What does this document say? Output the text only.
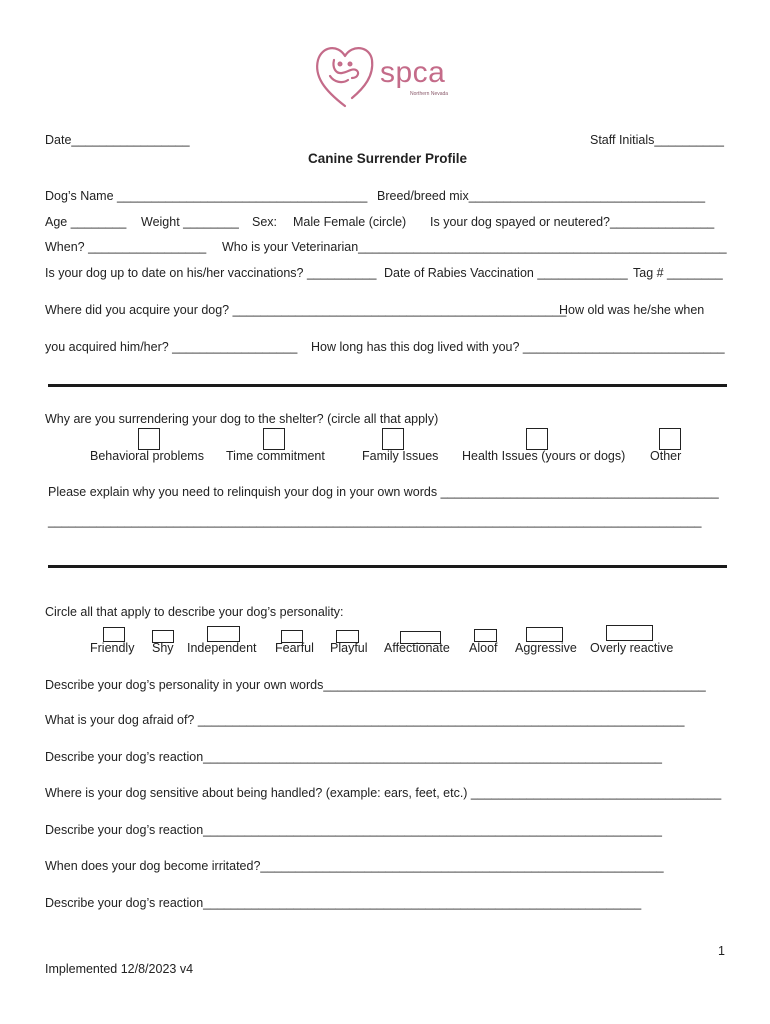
spca
Northern Nevada
Date_________________	Staff Initials__________
Canine Surrender Profile
Dog’s Name ____________________________________ Breed/breed mix__________________________________
Age ________ Weight ________ Sex: Male Female (circle) Is your dog spayed or neutered?_______________
When? _________________ Who is your Veterinarian_____________________________________________________
Is your dog up to date on his/her vaccinations? __________ Date of Rabies Vaccination _____________ Tag # ________
Where did you acquire your dog? ________________________________________________
How old was he/she when
you acquired him/her? __________________ How long has this dog lived with you? _____________________________
Why are you surrendering your dog to the shelter? (circle all that apply)
Behavioral problems Time commitment	Family Issues Health Issues (yours or dogs) Other
Please explain why you need to relinquish your dog in your own words ________________________________________
______________________________________________________________________________________________
Circle all that apply to describe your dog’s personality:
Friendly Shy Independent Fearful Playful Affectionate Aloof Aggressive Overly reactive
Describe your dog’s personality in your own words_______________________________________________________
What is your dog afraid of? ______________________________________________________________________
Describe your dog’s reaction__________________________________________________________________
Where is your dog sensitive about being handled? (example: ears, feet, etc.) ____________________________________
Describe your dog’s reaction__________________________________________________________________
When does your dog become irritated?__________________________________________________________
Describe your dog’s reaction_______________________________________________________________
1
Implemented 12/8/2023 v4
